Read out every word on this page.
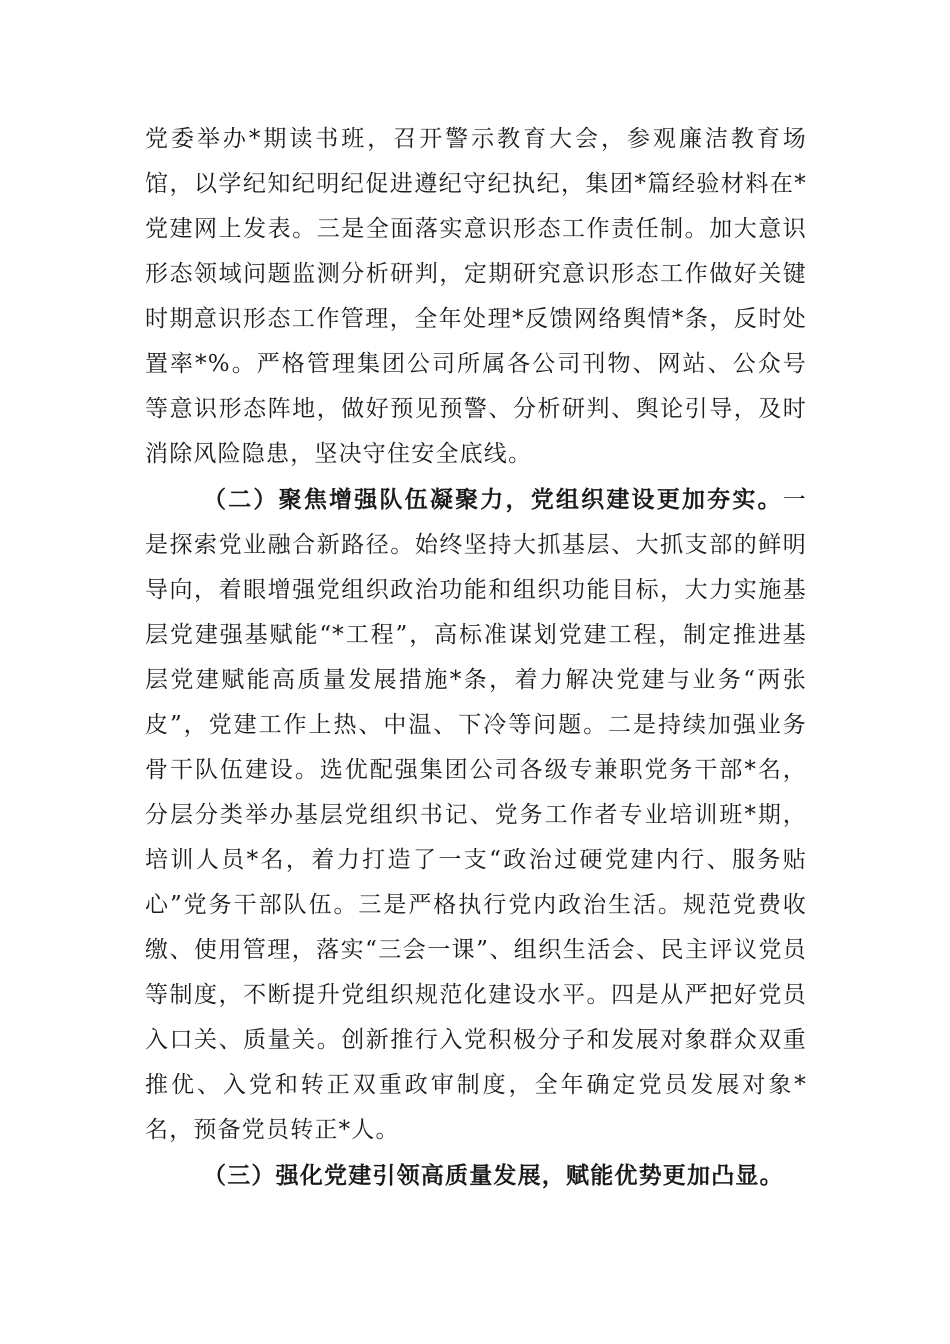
党委举办*期读书班，召开警示教育大会，参观廉洁教育场馆，以学纪知纪明纪促进遵纪守纪执纪，集团*篇经验材料在*党建网上发表。三是全面落实意识形态工作责任制。加大意识形态领域问题监测分析研判，定期研究意识形态工作做好关键时期意识形态工作管理，全年处理*反馈网络舆情*条，反时处置率*%。严格管理集团公司所属各公司刊物、网站、公众号等意识形态阵地，做好预见预警、分析研判、舆论引导，及时消除风险隐患，坚决守住安全底线。

（二）聚焦增强队伍凝聚力，党组织建设更加夯实。一是探索党业融合新路径。始终坚持大抓基层、大抓支部的鲜明导向，着眼增强党组织政治功能和组织功能目标，大力实施基层党建强基赋能“*工程”，高标准谋划党建工程，制定推进基层党建赋能高质量发展措施*条，着力解决党建与业务“两张皮”，党建工作上热、中温、下冷等问题。二是持续加强业务骨干队伍建设。选优配强集团公司各级专兼职党务干部*名，分层分类举办基层党组织书记、党务工作者专业培训班*期，培训人员*名，着力打造了一支“政治过硬党建内行、服务贴心”党务干部队伍。三是严格执行党内政治生活。规范党费收缴、使用管理，落实“三会一课”、组织生活会、民主评议党员等制度，不断提升党组织规范化建设水平。四是从严把好党员入口关、质量关。创新推行入党积极分子和发展对象群众双重推优、入党和转正双重政审制度，全年确定党员发展对象*名，预备党员转正*人。

（三）强化党建引领高质量发展，赋能优势更加凸显。
